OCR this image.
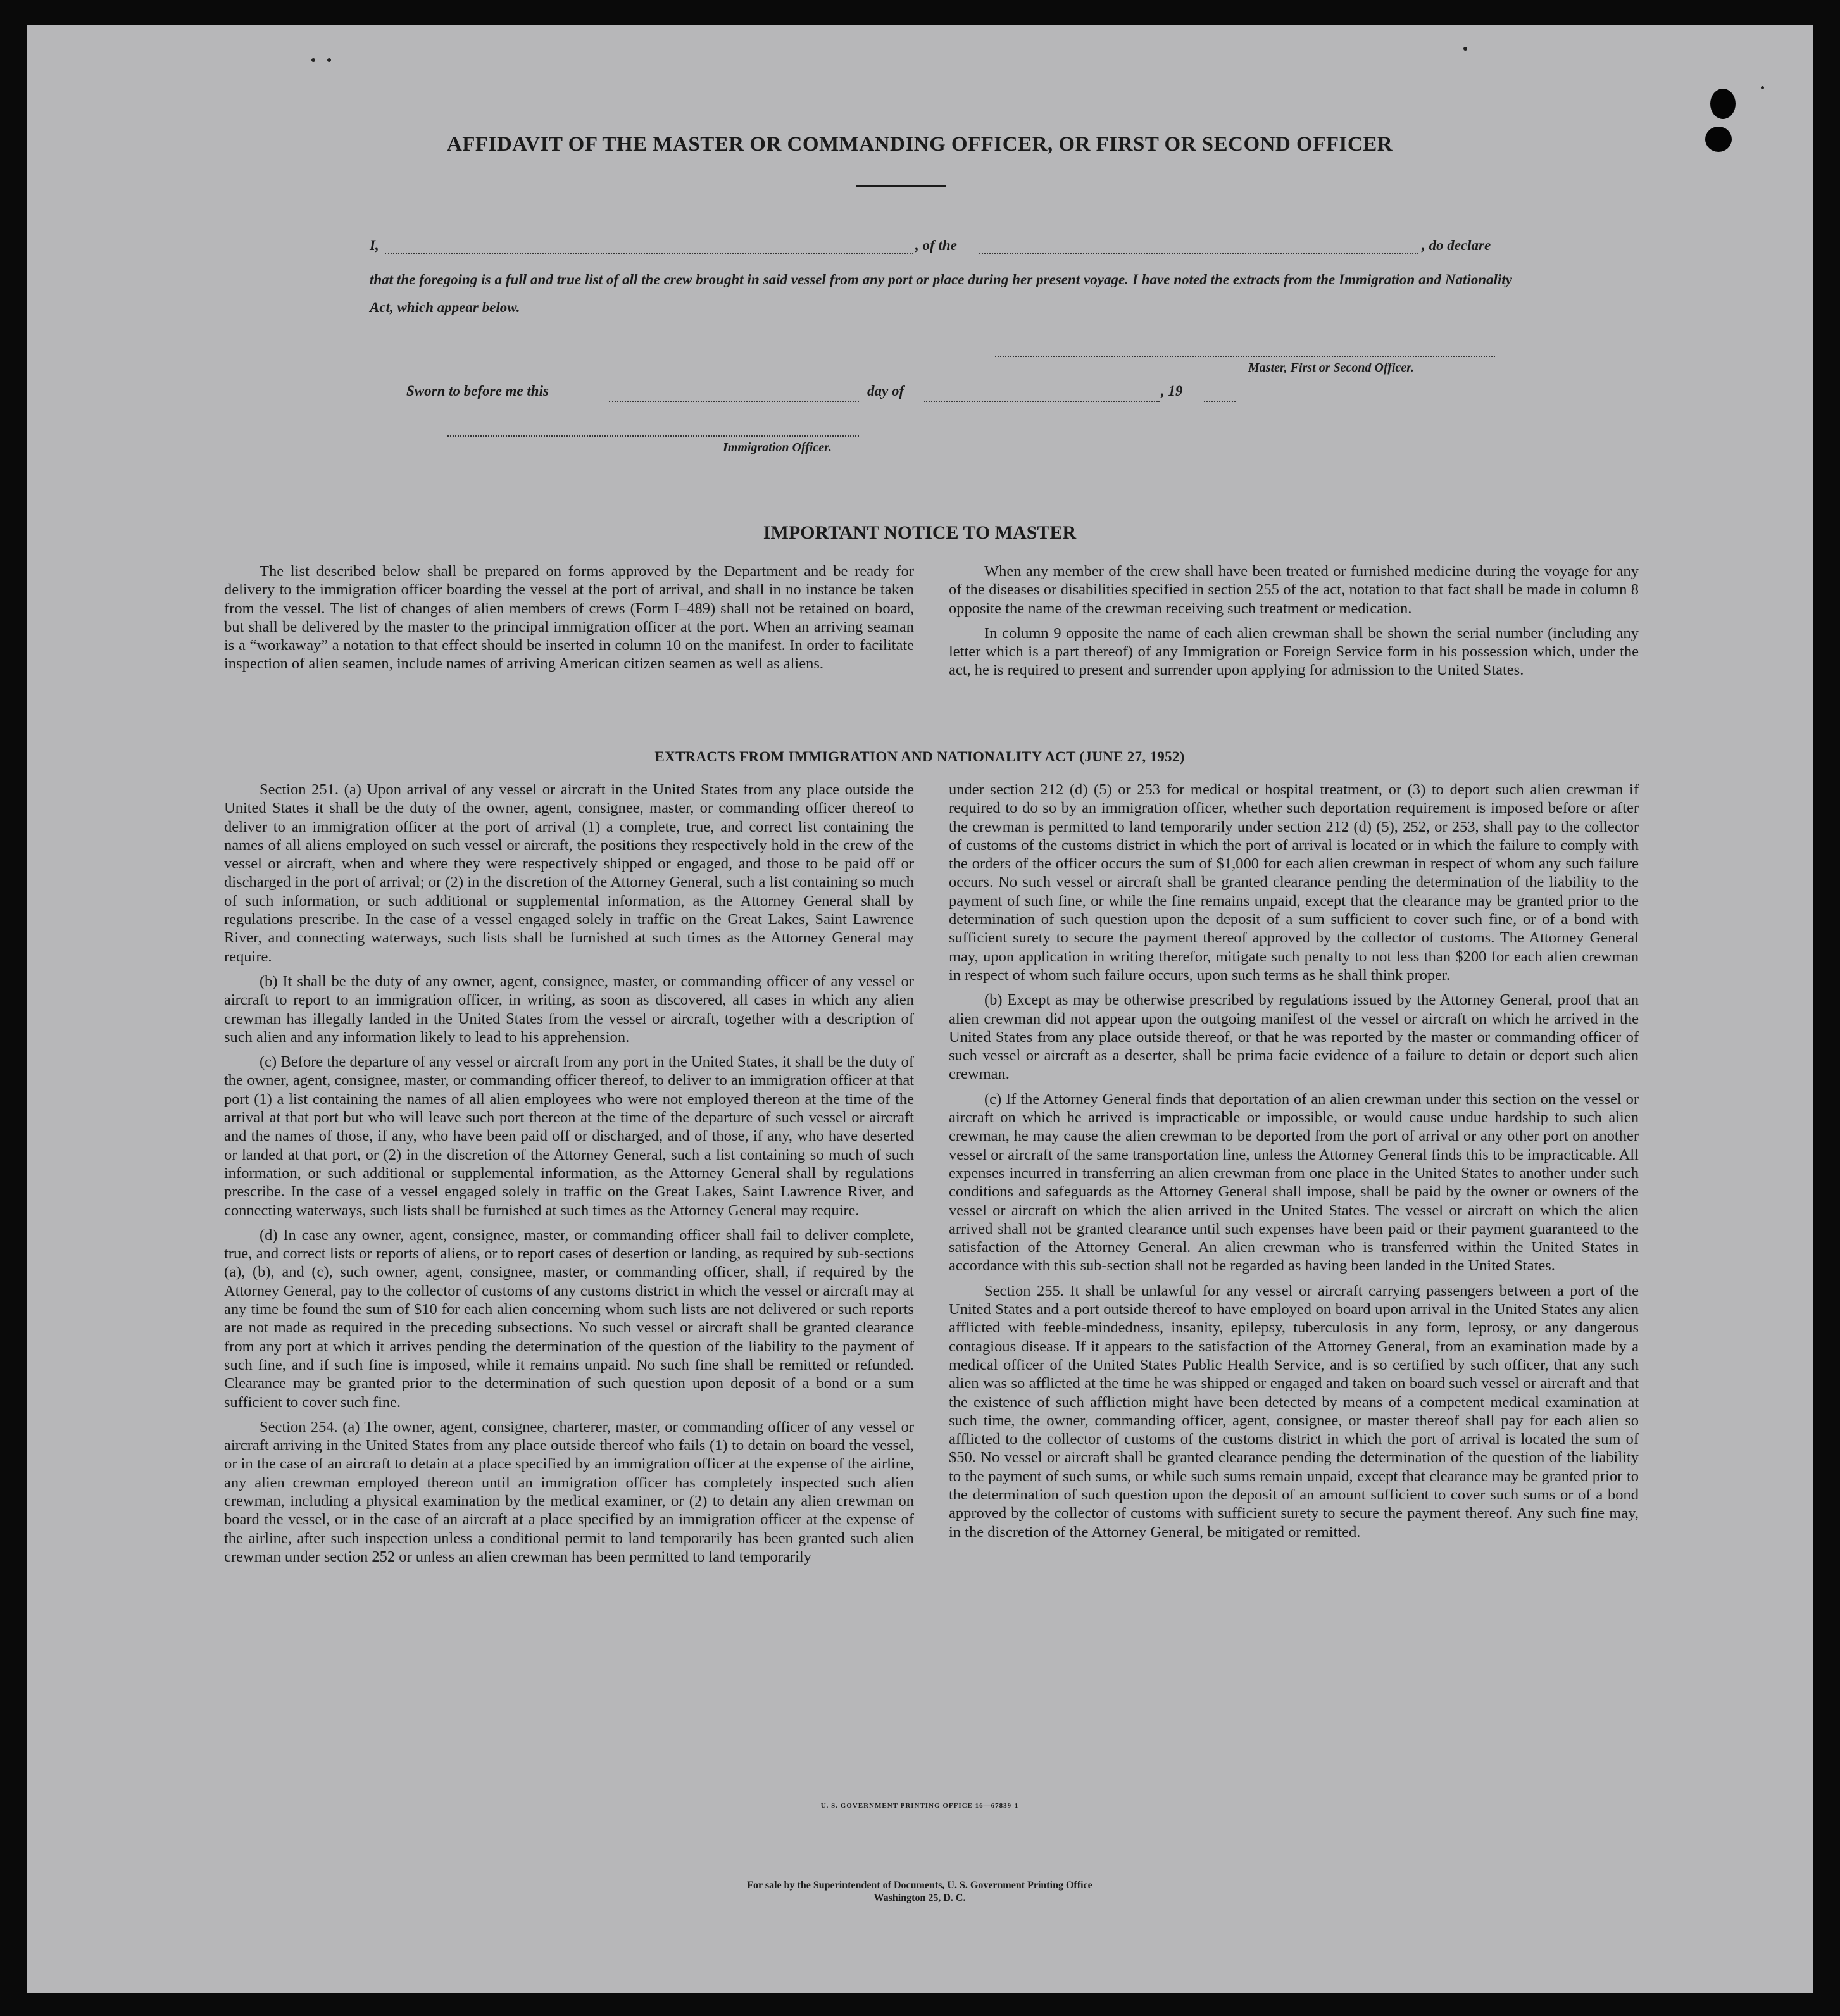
AFFIDAVIT OF THE MASTER OR COMMANDING OFFICER, OR FIRST OR SECOND OFFICER
I,	, of the	, do declare
that the foregoing is a full and true list of all the crew brought in said vessel from any port or place during her present voyage. I have noted the extracts from the Immigration and Nationality Act, which appear below.
Master, First or Second Officer.
Sworn to before me this	day of	, 19
Immigration Officer.
IMPORTANT NOTICE TO MASTER

The list described below shall be prepared on forms approved by the Department and be ready for delivery to the immigration officer boarding the vessel at the port of arrival, and shall in no instance be taken from the vessel. The list of changes of alien members of crews (Form I–489) shall not be retained on board, but shall be delivered by the master to the principal immigration officer at the port. When an arriving seaman is a “workaway” a notation to that effect should be inserted in column 10 on the manifest. In order to facilitate inspection of alien seamen, include names of arriving American citizen seamen as well as aliens.

When any member of the crew shall have been treated or furnished medicine during the voyage for any of the diseases or disabilities specified in section 255 of the act, notation to that fact shall be made in column 8 opposite the name of the crewman receiving such treatment or medication.

In column 9 opposite the name of each alien crewman shall be shown the serial number (including any letter which is a part thereof) of any Immigration or Foreign Service form in his possession which, under the act, he is required to present and surrender upon applying for admission to the United States.

EXTRACTS FROM IMMIGRATION AND NATIONALITY ACT (JUNE 27, 1952)

Section 251. (a) Upon arrival of any vessel or aircraft in the United States from any place outside the United States it shall be the duty of the owner, agent, consignee, master, or commanding officer thereof to deliver to an immigration officer at the port of arrival (1) a complete, true, and correct list containing the names of all aliens employed on such vessel or aircraft, the positions they respectively hold in the crew of the vessel or aircraft, when and where they were respectively shipped or engaged, and those to be paid off or discharged in the port of arrival; or (2) in the discretion of the Attorney General, such a list containing so much of such information, or such additional or supplemental information, as the Attorney General shall by regulations prescribe. In the case of a vessel engaged solely in traffic on the Great Lakes, Saint Lawrence River, and connecting waterways, such lists shall be furnished at such times as the Attorney General may require.

(b) It shall be the duty of any owner, agent, consignee, master, or commanding officer of any vessel or aircraft to report to an immigration officer, in writing, as soon as discovered, all cases in which any alien crewman has illegally landed in the United States from the vessel or aircraft, together with a description of such alien and any information likely to lead to his apprehension.

(c) Before the departure of any vessel or aircraft from any port in the United States, it shall be the duty of the owner, agent, consignee, master, or commanding officer thereof, to deliver to an immigration officer at that port (1) a list containing the names of all alien employees who were not employed thereon at the time of the arrival at that port but who will leave such port thereon at the time of the departure of such vessel or aircraft and the names of those, if any, who have been paid off or discharged, and of those, if any, who have deserted or landed at that port, or (2) in the discretion of the Attorney General, such a list containing so much of such information, or such additional or supplemental information, as the Attorney General shall by regulations prescribe. In the case of a vessel engaged solely in traffic on the Great Lakes, Saint Lawrence River, and connecting waterways, such lists shall be furnished at such times as the Attorney General may require.

(d) In case any owner, agent, consignee, master, or commanding officer shall fail to deliver complete, true, and correct lists or reports of aliens, or to report cases of desertion or landing, as required by sub-sections (a), (b), and (c), such owner, agent, consignee, master, or commanding officer, shall, if required by the Attorney General, pay to the collector of customs of any customs district in which the vessel or aircraft may at any time be found the sum of $10 for each alien concerning whom such lists are not delivered or such reports are not made as required in the preceding subsections. No such vessel or aircraft shall be granted clearance from any port at which it arrives pending the determination of the question of the liability to the payment of such fine, and if such fine is imposed, while it remains unpaid. No such fine shall be remitted or refunded. Clearance may be granted prior to the determination of such question upon deposit of a bond or a sum sufficient to cover such fine.

Section 254. (a) The owner, agent, consignee, charterer, master, or commanding officer of any vessel or aircraft arriving in the United States from any place outside thereof who fails (1) to detain on board the vessel, or in the case of an aircraft to detain at a place specified by an immigration officer at the expense of the airline, any alien crewman employed thereon until an immigration officer has completely inspected such alien crewman, including a physical examination by the medical examiner, or (2) to detain any alien crewman on board the vessel, or in the case of an aircraft at a place specified by an immigration officer at the expense of the airline, after such inspection unless a conditional permit to land temporarily has been granted such alien crewman under section 252 or unless an alien crewman has been permitted to land temporarily

under section 212 (d) (5) or 253 for medical or hospital treatment, or (3) to deport such alien crewman if required to do so by an immigration officer, whether such deportation requirement is imposed before or after the crewman is permitted to land temporarily under section 212 (d) (5), 252, or 253, shall pay to the collector of customs of the customs district in which the port of arrival is located or in which the failure to comply with the orders of the officer occurs the sum of $1,000 for each alien crewman in respect of whom any such failure occurs. No such vessel or aircraft shall be granted clearance pending the determination of the liability to the payment of such fine, or while the fine remains unpaid, except that the clearance may be granted prior to the determination of such question upon the deposit of a sum sufficient to cover such fine, or of a bond with sufficient surety to secure the payment thereof approved by the collector of customs. The Attorney General may, upon application in writing therefor, mitigate such penalty to not less than $200 for each alien crewman in respect of whom such failure occurs, upon such terms as he shall think proper.

(b) Except as may be otherwise prescribed by regulations issued by the Attorney General, proof that an alien crewman did not appear upon the outgoing manifest of the vessel or aircraft on which he arrived in the United States from any place outside thereof, or that he was reported by the master or commanding officer of such vessel or aircraft as a deserter, shall be prima facie evidence of a failure to detain or deport such alien crewman.

(c) If the Attorney General finds that deportation of an alien crewman under this section on the vessel or aircraft on which he arrived is impracticable or impossible, or would cause undue hardship to such alien crewman, he may cause the alien crewman to be deported from the port of arrival or any other port on another vessel or aircraft of the same transportation line, unless the Attorney General finds this to be impracticable. All expenses incurred in transferring an alien crewman from one place in the United States to another under such conditions and safeguards as the Attorney General shall impose, shall be paid by the owner or owners of the vessel or aircraft on which the alien arrived in the United States. The vessel or aircraft on which the alien arrived shall not be granted clearance until such expenses have been paid or their payment guaranteed to the satisfaction of the Attorney General. An alien crewman who is transferred within the United States in accordance with this sub-section shall not be regarded as having been landed in the United States.

Section 255. It shall be unlawful for any vessel or aircraft carrying passengers between a port of the United States and a port outside thereof to have employed on board upon arrival in the United States any alien afflicted with feeble-mindedness, insanity, epilepsy, tuberculosis in any form, leprosy, or any dangerous contagious disease. If it appears to the satisfaction of the Attorney General, from an examination made by a medical officer of the United States Public Health Service, and is so certified by such officer, that any such alien was so afflicted at the time he was shipped or engaged and taken on board such vessel or aircraft and that the existence of such affliction might have been detected by means of a competent medical examination at such time, the owner, commanding officer, agent, consignee, or master thereof shall pay for each alien so afflicted to the collector of customs of the customs district in which the port of arrival is located the sum of $50. No vessel or aircraft shall be granted clearance pending the determination of the question of the liability to the payment of such sums, or while such sums remain unpaid, except that clearance may be granted prior to the determination of such question upon the deposit of an amount sufficient to cover such sums or of a bond approved by the collector of customs with sufficient surety to secure the payment thereof. Any such fine may, in the discretion of the Attorney General, be mitigated or remitted.

U. S. GOVERNMENT PRINTING OFFICE 16—67839-1
For sale by the Superintendent of Documents, U. S. Government Printing Office
Washington 25, D. C.
